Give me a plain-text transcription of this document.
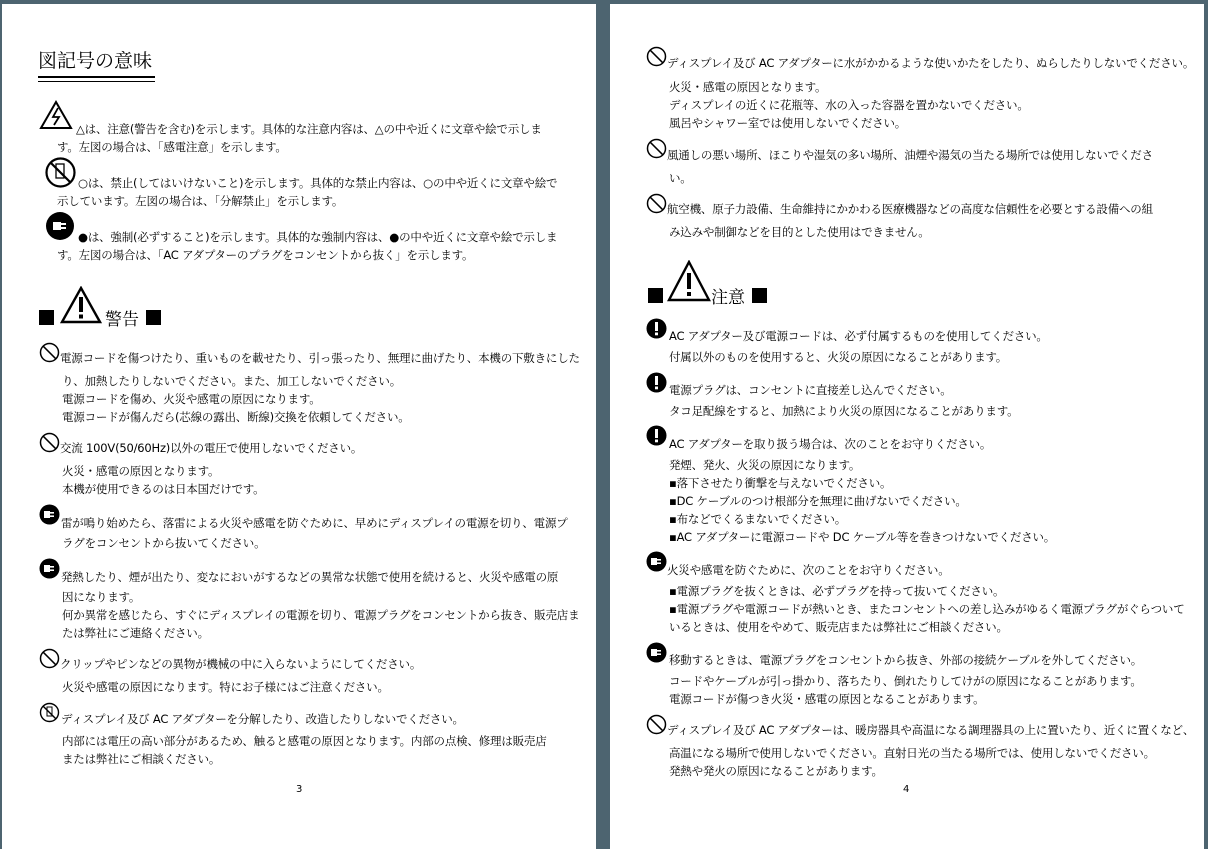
図記号の意味
△は、注意(警告を含む)を示します。具体的な注意内容は、△の中や近くに文章や絵で示しま
す。左図の場合は、「感電注意」を示します。
○は、禁止(してはいけないこと)を示します。具体的な禁止内容は、○の中や近くに文章や絵で
示しています。左図の場合は、「分解禁止」を示します。
●は、強制(必ずすること)を示します。具体的な強制内容は、●の中や近くに文章や絵で示しま
す。左図の場合は、「AC アダプターのプラグをコンセントから抜く」を示します。
警告
電源コードを傷つけたり、重いものを載せたり、引っ張ったり、無理に曲げたり、本機の下敷きにした
り、加熱したりしないでください。また、加工しないでください。
電源コードを傷め、火災や感電の原因になります。
電源コードが傷んだら(芯線の露出、断線)交換を依頼してください。
交流 100V(50/60Hz)以外の電圧で使用しないでください。
火災・感電の原因となります。
本機が使用できるのは日本国だけです。
雷が鳴り始めたら、落雷による火災や感電を防ぐために、早めにディスプレイの電源を切り、電源プ
ラグをコンセントから抜いてください。
発熱したり、煙が出たり、変なにおいがするなどの異常な状態で使用を続けると、火災や感電の原
因になります。
何か異常を感じたら、すぐにディスプレイの電源を切り、電源プラグをコンセントから抜き、販売店ま
たは弊社にご連絡ください。
クリップやピンなどの異物が機械の中に入らないようにしてください。
火災や感電の原因になります。特にお子様にはご注意ください。
ディスプレイ及び AC アダプターを分解したり、改造したりしないでください。
内部には電圧の高い部分があるため、触ると感電の原因となります。内部の点検、修理は販売店
または弊社にご相談ください。
3
ディスプレイ及び AC アダプターに水がかかるような使いかたをしたり、ぬらしたりしないでください。
火災・感電の原因となります。
ディスプレイの近くに花瓶等、水の入った容器を置かないでください。
風呂やシャワー室では使用しないでください。
風通しの悪い場所、ほこりや湿気の多い場所、油煙や湯気の当たる場所では使用しないでくださ
い。
航空機、原子力設備、生命維持にかかわる医療機器などの高度な信頼性を必要とする設備への組
み込みや制御などを目的とした使用はできません。
注意
AC アダプター及び電源コードは、必ず付属するものを使用してください。
付属以外のものを使用すると、火災の原因になることがあります。
電源プラグは、コンセントに直接差し込んでください。
タコ足配線をすると、加熱により火災の原因になることがあります。
AC アダプターを取り扱う場合は、次のことをお守りください。
発煙、発火、火災の原因になります。
▪落下させたり衝撃を与えないでください。
▪DC ケーブルのつけ根部分を無理に曲げないでください。
▪布などでくるまないでください。
▪AC アダプターに電源コードや DC ケーブル等を巻きつけないでください。
火災や感電を防ぐために、次のことをお守りください。
▪電源プラグを抜くときは、必ずプラグを持って抜いてください。
▪電源プラグや電源コードが熱いとき、またコンセントへの差し込みがゆるく電源プラグがぐらついて
いるときは、使用をやめて、販売店または弊社にご相談ください。
移動するときは、電源プラグをコンセントから抜き、外部の接続ケーブルを外してください。
コードやケーブルが引っ掛かり、落ちたり、倒れたりしてけがの原因になることがあります。
電源コードが傷つき火災・感電の原因となることがあります。
ディスプレイ及び AC アダプターは、暖房器具や高温になる調理器具の上に置いたり、近くに置くなど、
高温になる場所で使用しないでください。直射日光の当たる場所では、使用しないでください。
発熱や発火の原因になることがあります。
4
